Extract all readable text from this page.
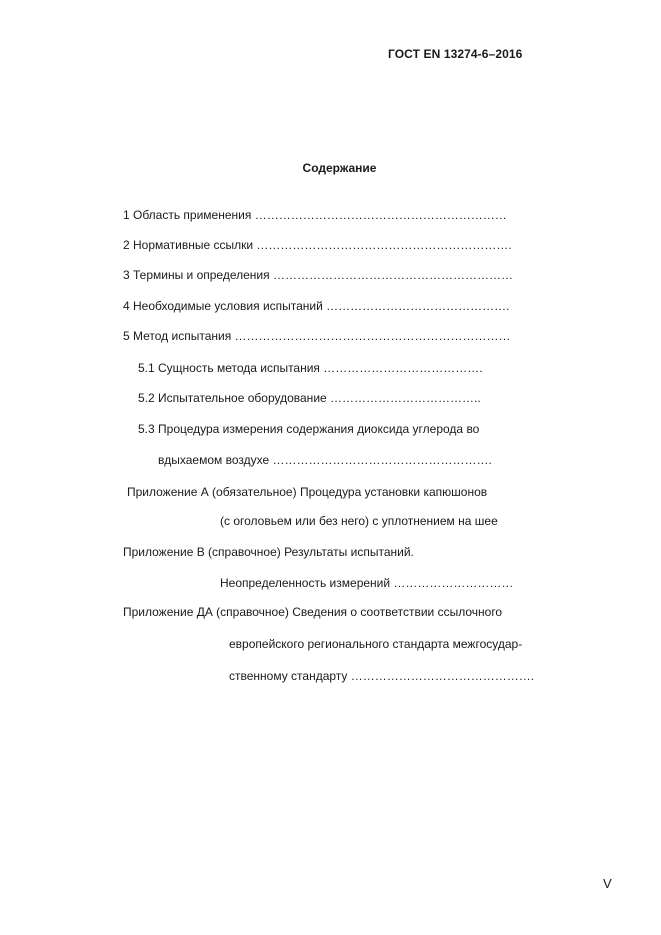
ГОСТ EN 13274-6–2016
Содержание
1 Область применения ………………………………………………………
2 Нормативные ссылки ……………………………………………………….
3 Термины и определения ……………………………………………………
4 Необходимые условия испытаний ……………………………………….
5 Метод испытания ……………………………………………………………
5.1 Сущность метода испытания ………………………………….
5.2 Испытательное оборудование ………………………………..
5.3 Процедура измерения содержания диоксида углерода во
вдыхаемом воздухе ……………………………………………….
Приложение А (обязательное) Процедура установки капюшонов
(с оголовьем или без него) с уплотнением на шее
Приложение В (справочное) Результаты испытаний.
Неопределенность измерений …………………………
Приложение ДА (справочное) Сведения о соответствии ссылочного
европейского регионального стандарта межгосудар-
ственному стандарту ……………………………………….
V
